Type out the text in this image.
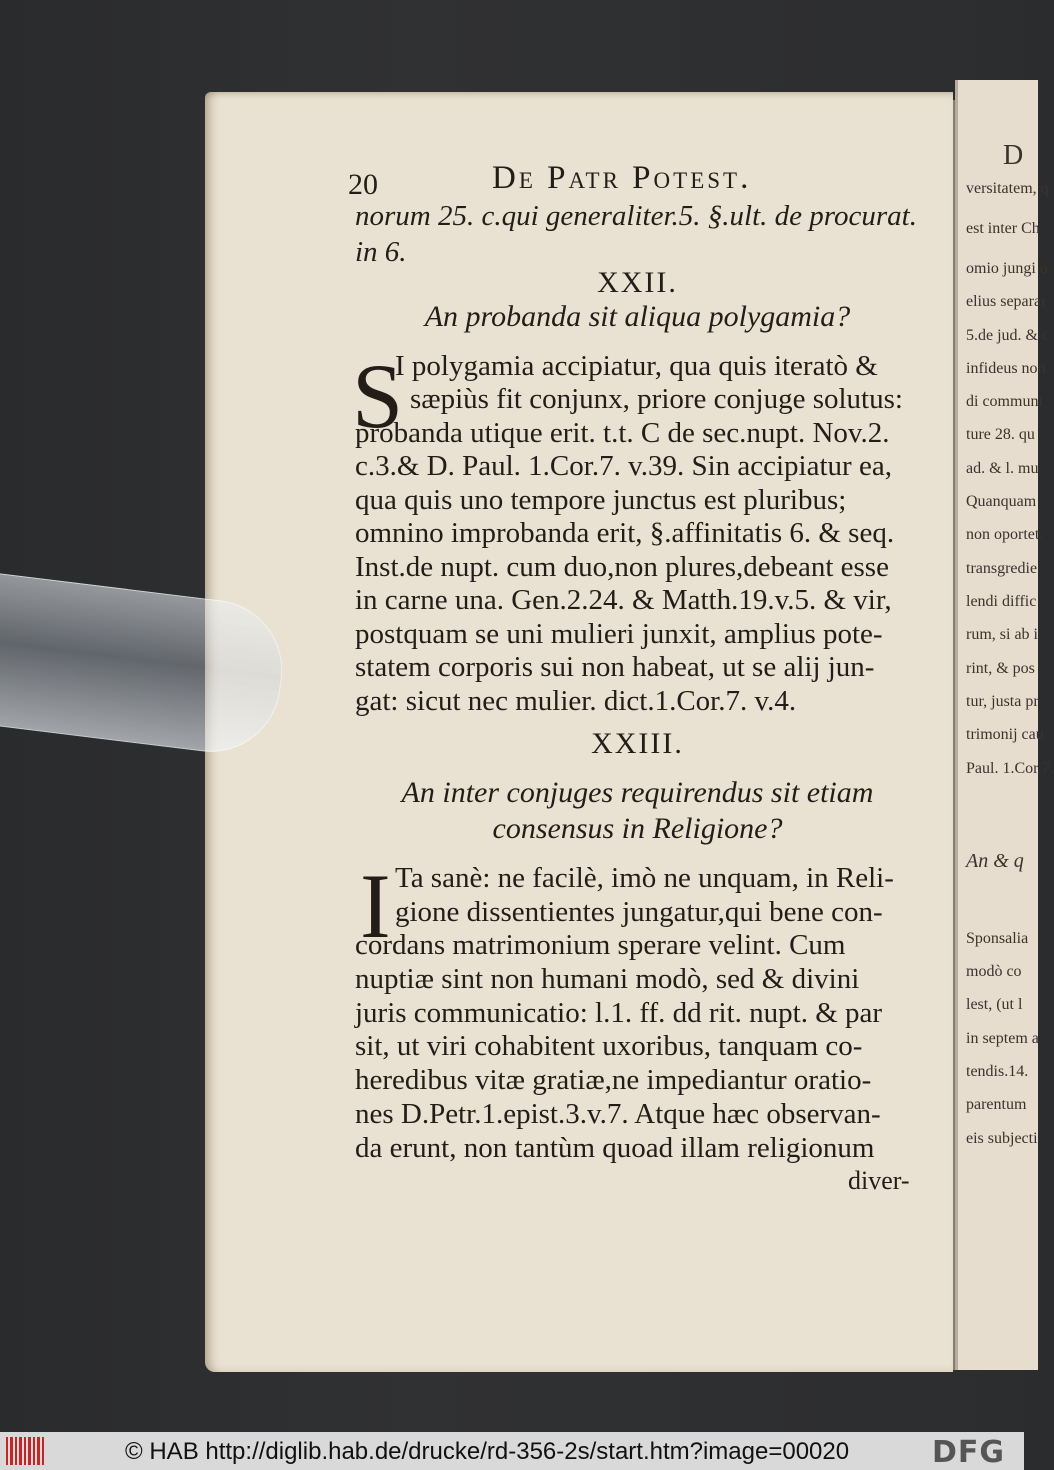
D
versitatem, q
est inter Ch
omio jungi o
elius separar
5.de jud. & c
infideus non
di communi
ture 28. qu
ad. & l. mu
Quanquam
non oportet.
transgredie
lendi diffic
rum, si ab i
rint, & pos
tur, justa pr
trimonij cau
Paul. 1.Cor.7.
An & q
Sponsalia
modò co
lest, (ut l
in septem a
tendis.14.
parentum
eis subjecti
20	De Patr Potest.
norum 25. c.qui generaliter.5. §.ult. de procurat.
in 6.
XXII.
An probanda sit aliqua polygamia?
S
I polygamia accipiatur, qua quis iteratò &
sæpiùs fit conjunx, priore conjuge solutus:
probanda utique erit. t.t. C de sec.nupt. Nov.2.
c.3.& D. Paul. 1.Cor.7. v.39. Sin accipiatur ea,
qua quis uno tempore junctus est pluribus;
omnino improbanda erit, §.affinitatis 6. & seq.
Inst.de nupt. cum duo,non plures,debeant esse
in carne una. Gen.2.24. & Matth.19.v.5. & vir,
postquam se uni mulieri junxit, amplius pote-
statem corporis sui non habeat, ut se alij jun-
gat: sicut nec mulier. dict.1.Cor.7. v.4.
XXIII.
An inter conjuges requirendus sit etiam
consensus in Religione?
I Ta sanè: ne facilè, imò ne unquam, in Reli-
gione dissentientes jungatur,qui bene con-
cordans matrimonium sperare velint. Cum
nuptiæ sint non humani modò, sed & divini
juris communicatio: l.1. ff. dd rit. nupt. & par
sit, ut viri cohabitent uxoribus, tanquam co-
heredibus vitæ gratiæ,ne impediantur oratio-
nes D.Petr.1.epist.3.v.7. Atque hæc observan-
da erunt, non tantùm quoad illam religionum
diver-
© HAB http://diglib.hab.de/drucke/rd-356-2s/start.htm?image=00020	DFG
